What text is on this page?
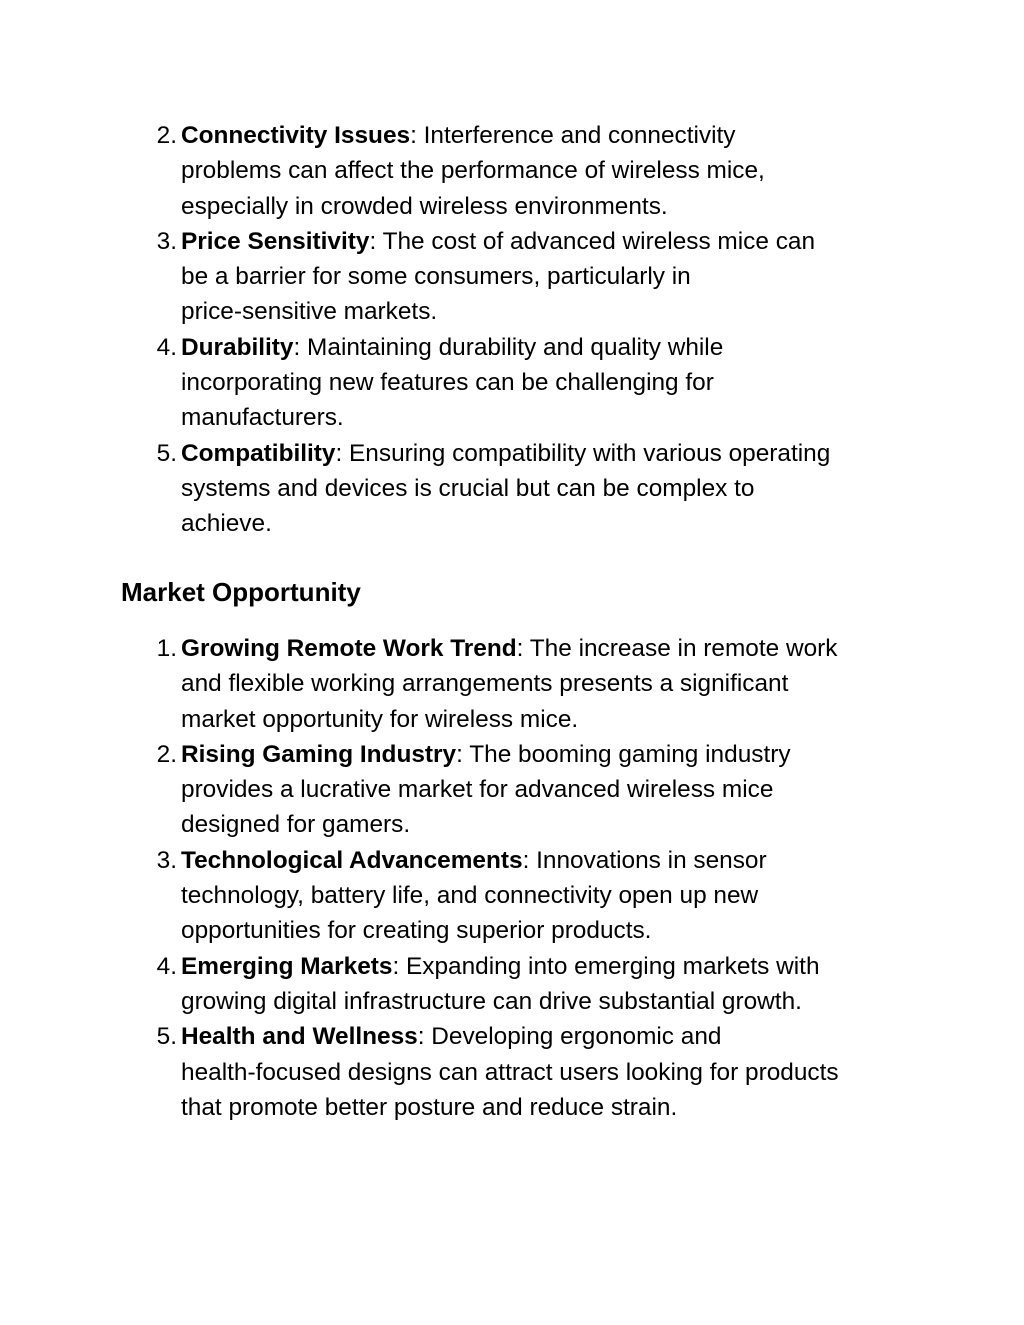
2. Connectivity Issues: Interference and connectivity
problems can affect the performance of wireless mice,
especially in crowded wireless environments.
3. Price Sensitivity: The cost of advanced wireless mice can
be a barrier for some consumers, particularly in
price-sensitive markets.
4. Durability: Maintaining durability and quality while
incorporating new features can be challenging for
manufacturers.
5. Compatibility: Ensuring compatibility with various operating
systems and devices is crucial but can be complex to
achieve.
Market Opportunity
1. Growing Remote Work Trend: The increase in remote work
and flexible working arrangements presents a significant
market opportunity for wireless mice.
2. Rising Gaming Industry: The booming gaming industry
provides a lucrative market for advanced wireless mice
designed for gamers.
3. Technological Advancements: Innovations in sensor
technology, battery life, and connectivity open up new
opportunities for creating superior products.
4. Emerging Markets: Expanding into emerging markets with
growing digital infrastructure can drive substantial growth.
5. Health and Wellness: Developing ergonomic and
health-focused designs can attract users looking for products
that promote better posture and reduce strain.
